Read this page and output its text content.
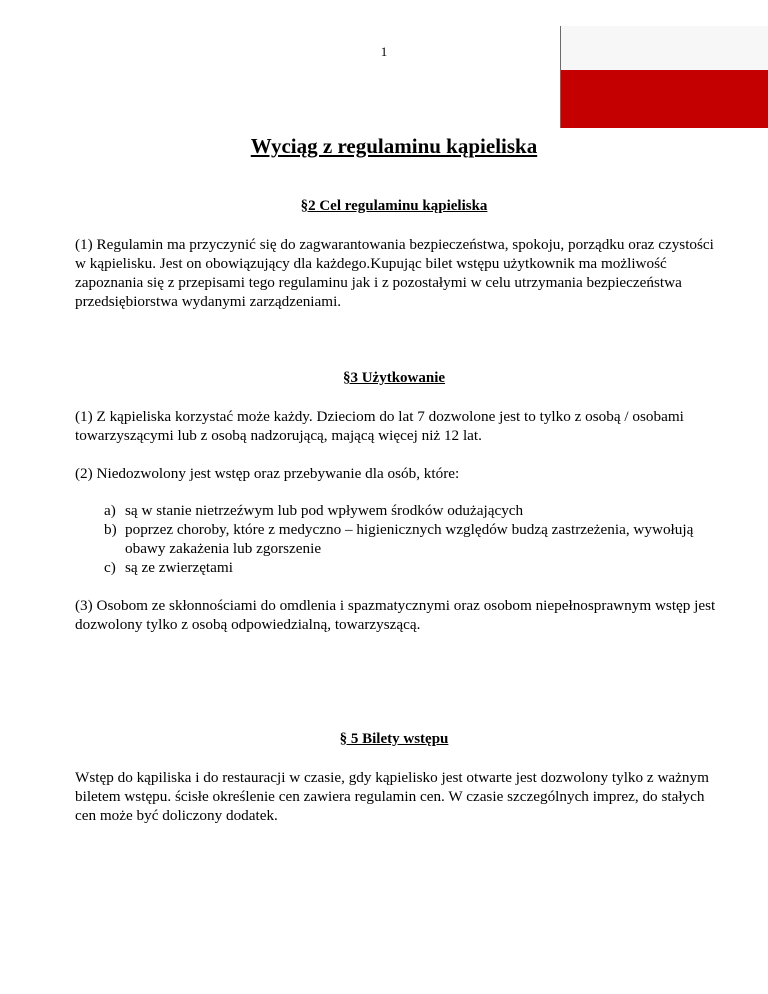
1
Wyciąg z regulaminu kąpieliska
§2 Cel regulaminu kąpieliska

(1) Regulamin ma przyczynić się do zagwarantowania bezpieczeństwa, spokoju, porządku oraz czystości w kąpielisku. Jest on obowiązujący dla każdego.Kupując bilet wstępu użytkownik ma możliwość zapoznania się z przepisami tego regulaminu jak i z pozostałymi w celu utrzymania bezpieczeństwa przedsiębiorstwa wydanymi zarządzeniami.

§3 Użytkowanie

(1) Z kąpieliska korzystać może każdy. Dzieciom do lat 7 dozwolone jest to tylko z osobą / osobami towarzyszącymi lub z osobą nadzorującą, mającą więcej niż 12 lat.

(2) Niedozwolony jest wstęp oraz przebywanie dla osób, które:

a) są w stanie nietrzeźwym lub pod wpływem środków odużających
b) poprzez choroby, które z medyczno – higienicznych względów budzą zastrzeżenia, wywołują obawy zakażenia lub zgorszenie
c) są ze zwierzętami

(3) Osobom ze skłonnościami do omdlenia i spazmatycznymi oraz osobom niepełnosprawnym wstęp jest dozwolony tylko z osobą odpowiedzialną, towarzyszącą.

§ 5 Bilety wstępu

Wstęp do kąpiliska i do restauracji w czasie, gdy kąpielisko jest otwarte jest dozwolony tylko z ważnym biletem wstępu. ścisłe określenie cen zawiera regulamin cen. W czasie szczególnych imprez, do stałych cen może być doliczony dodatek.
